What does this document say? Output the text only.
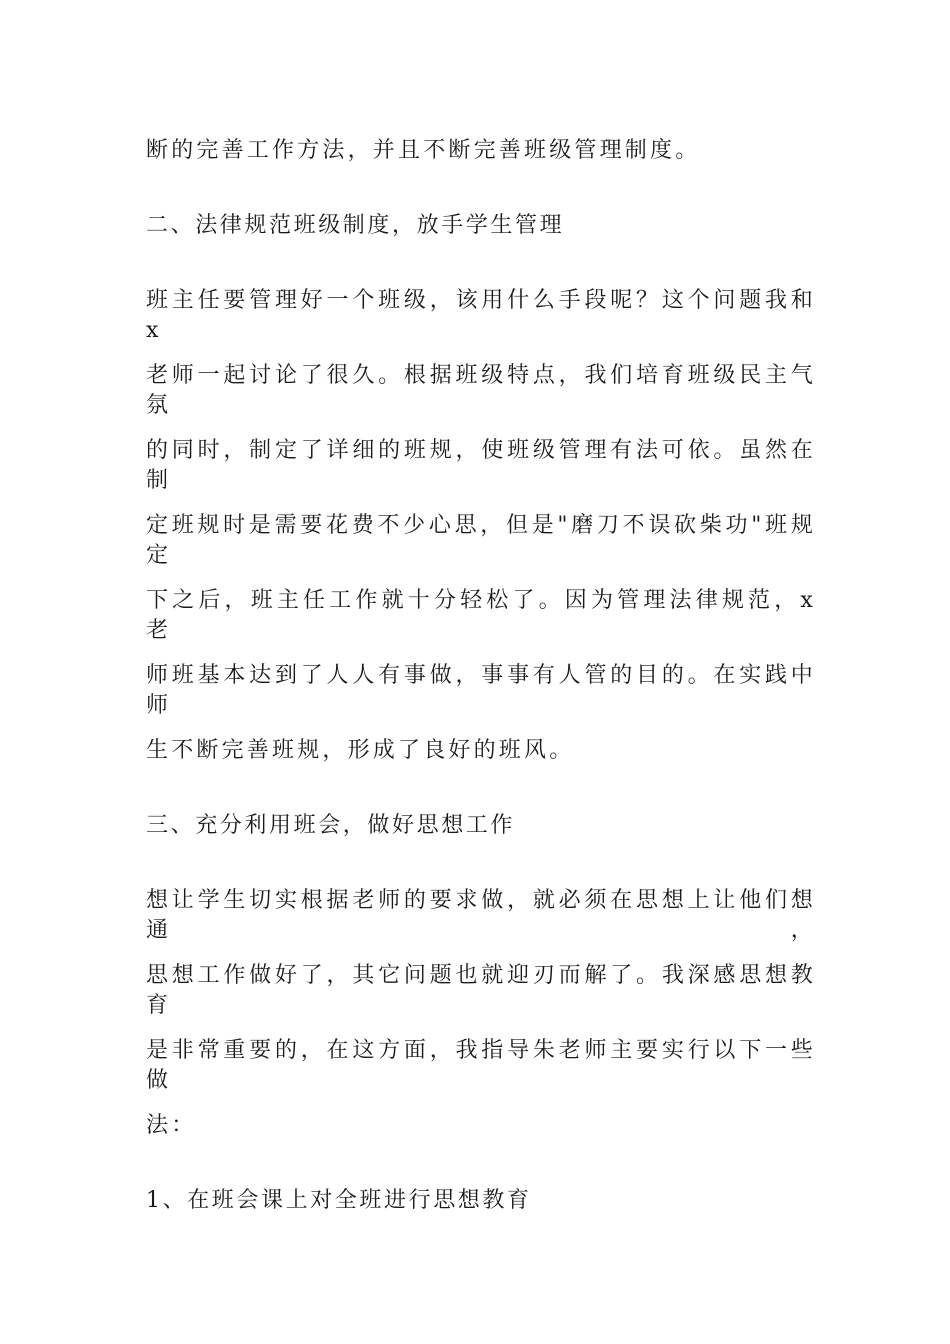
断的完善工作方法，并且不断完善班级管理制度。
二、法律规范班级制度，放手学生管理
班主任要管理好一个班级，该用什么手段呢？这个问题我和 x
老师一起讨论了很久。根据班级特点，我们培育班级民主气氛
的同时，制定了详细的班规，使班级管理有法可依。虽然在制
定班规时是需要花费不少心思，但是"磨刀不误砍柴功"班规定
下之后，班主任工作就十分轻松了。因为管理法律规范，x 老
师班基本达到了人人有事做，事事有人管的目的。在实践中师
生不断完善班规，形成了良好的班风。
三、充分利用班会，做好思想工作
想让学生切实根据老师的要求做，就必须在思想上让他们想通，
思想工作做好了，其它问题也就迎刃而解了。我深感思想教育
是非常重要的，在这方面，我指导朱老师主要实行以下一些做
法：
1、在班会课上对全班进行思想教育
